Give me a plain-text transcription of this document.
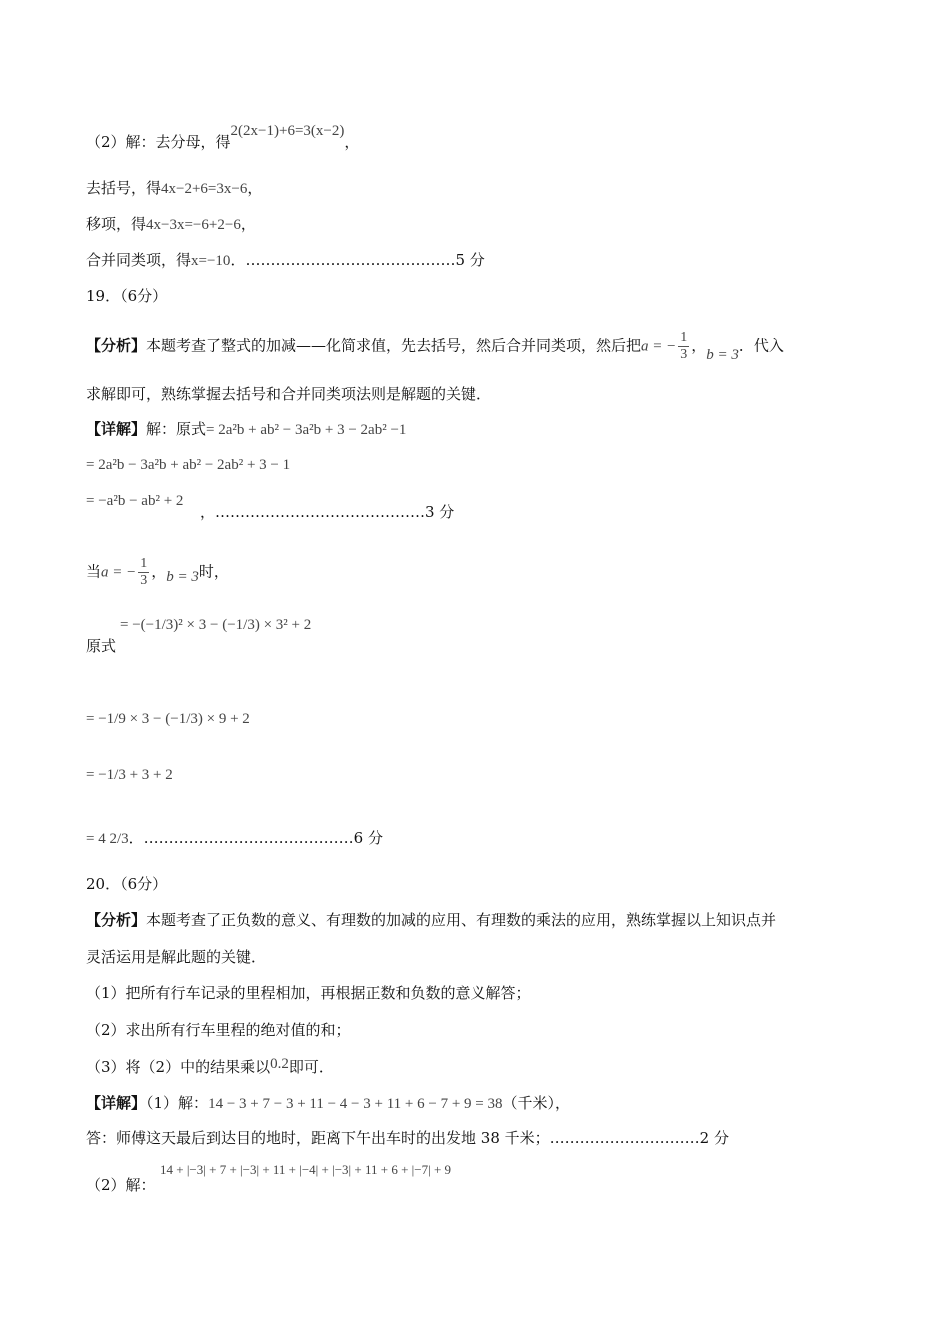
（2）解：去分母，得2(2x−1)+6=3(x−2)，
去括号，得4x−2+6=3x−6，
移项，得4x−3x=−6+2−6，
合并同类项，得x=−10．……………………………………5 分
19．（6分）
【分析】本题考查了整式的加减——化简求值，先去括号，然后合并同类项，然后把a = − $\frac{1}{3}$ ，b = 3．代入
求解即可，熟练掌握去括号和合并同类项法则是解题的关键．
【详解】解：原式= 2a²b + ab² − 3a²b + 3 − 2ab² −1
= 2a²b − 3a²b + ab² − 2ab² + 3 − 1
= −a²b − ab² + 2
，……………………………………3 分
当a = − $\frac{1}{3}$ ，b = 3时，
原式
= −(−1/3)² × 3 − (−1/3) × 3² + 2
= −1/9 × 3 − (−1/3) × 9 + 2
= −1/3 + 3 + 2
= 4 2/3．……………………………………6 分
20．（6分）
【分析】本题考查了正负数的意义、有理数的加减的应用、有理数的乘法的应用，熟练掌握以上知识点并
灵活运用是解此题的关键．
（1）把所有行车记录的里程相加，再根据正数和负数的意义解答；
（2）求出所有行车里程的绝对值的和；
（3）将（2）中的结果乘以0.2即可．
【详解】（1）解：14 − 3 + 7 − 3 + 11 − 4 − 3 + 11 + 6 − 7 + 9 = 38（千米），
答：师傅这天最后到达目的地时，距离下午出车时的出发地 38 千米；…………………………2 分
（2）解：
14 + |−3| + 7 + |−3| + 11 + |−4| + |−3| + 11 + 6 + |−7| + 9
